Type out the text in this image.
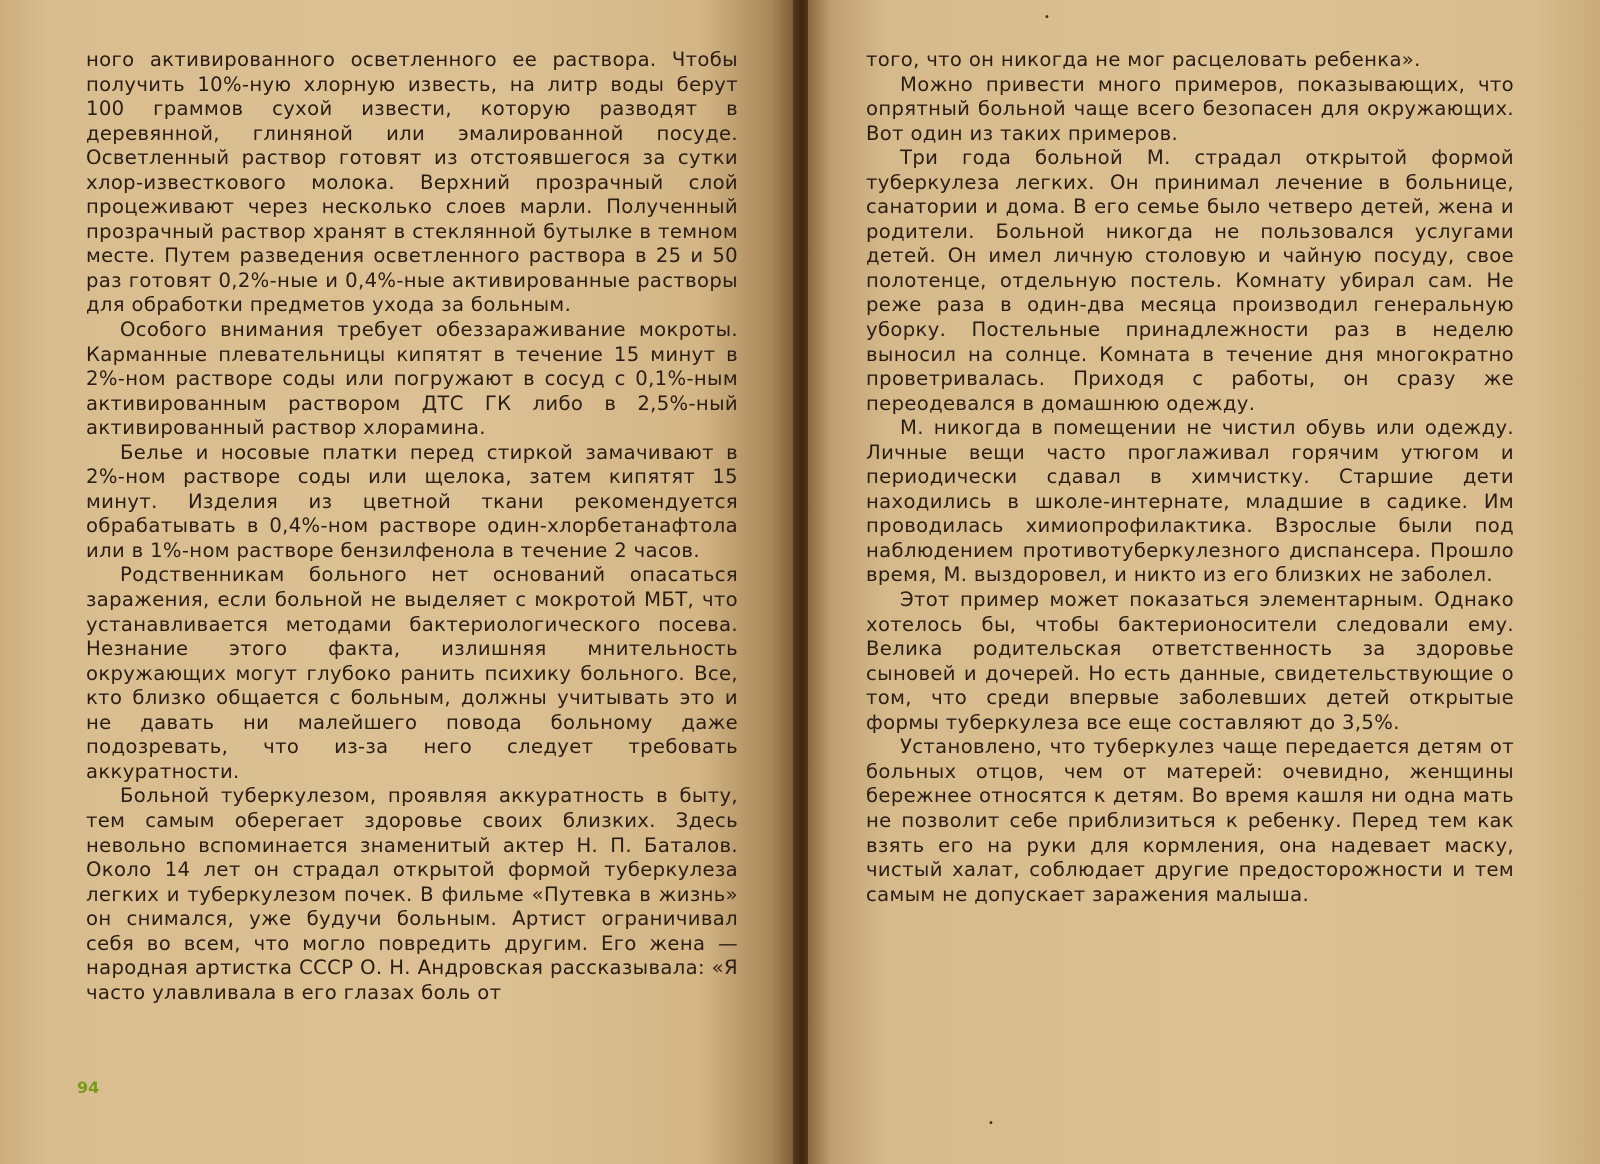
ного активированного осветленного ее раствора. Чтобы получить 10%-ную хлорную известь, на литр воды берут 100 граммов сухой извести, которую разводят в деревянной, глиняной или эмалированной посуде. Осветленный раствор готовят из отстоявшегося за сутки хлор-известкового молока. Верхний прозрачный слой процеживают через несколько слоев марли. Полученный прозрачный раствор хранят в стеклянной бутылке в темном месте. Путем разведения осветленного раствора в 25 и 50 раз готовят 0,2%-ные и 0,4%-ные активированные растворы для обработки предметов ухода за больным.

Особого внимания требует обеззараживание мокроты. Карманные плевательницы кипятят в течение 15 минут в 2%-ном растворе соды или погружают в сосуд с 0,1%-ным активированным раствором ДТС ГК либо в 2,5%-ный активированный раствор хлорамина.

Белье и носовые платки перед стиркой замачивают в 2%-ном растворе соды или щелока, затем кипятят 15 минут. Изделия из цветной ткани рекомендуется обрабатывать в 0,4%-ном растворе один-хлорбетанафтола или в 1%-ном растворе бензилфенола в течение 2 часов.

Родственникам больного нет оснований опасаться заражения, если больной не выделяет с мокротой МБТ, что устанавливается методами бактериологического посева. Незнание этого факта, излишняя мнительность окружающих могут глубоко ранить психику больного. Все, кто близко общается с больным, должны учитывать это и не давать ни малейшего повода больному даже подозревать, что из-за него следует требовать аккуратности.

Больной туберкулезом, проявляя аккуратность в быту, тем самым оберегает здоровье своих близких. Здесь невольно вспоминается знаменитый актер Н. П. Баталов. Около 14 лет он страдал открытой формой туберкулеза легких и туберкулезом почек. В фильме «Путевка в жизнь» он снимался, уже будучи больным. Артист ограничивал себя во всем, что могло повредить другим. Его жена — народная артистка СССР О. Н. Андровская рассказывала: «Я часто улавливала в его глазах боль от

94

того, что он никогда не мог расцеловать ребенка».

Можно привести много примеров, показывающих, что опрятный больной чаще всего безопасен для окружающих. Вот один из таких примеров.

Три года больной М. страдал открытой формой туберкулеза легких. Он принимал лечение в больнице, санатории и дома. В его семье было четверо детей, жена и родители. Больной никогда не пользовался услугами детей. Он имел личную столовую и чайную посуду, свое полотенце, отдельную постель. Комнату убирал сам. Не реже раза в один-два месяца производил генеральную уборку. Постельные принадлежности раз в неделю выносил на солнце. Комната в течение дня многократно проветривалась. Приходя с работы, он сразу же переодевался в домашнюю одежду.

М. никогда в помещении не чистил обувь или одежду. Личные вещи часто проглаживал горячим утюгом и периодически сдавал в химчистку. Старшие дети находились в школе-интернате, младшие в садике. Им проводилась химиопрофилактика. Взрослые были под наблюдением противотуберкулезного диспансера. Прошло время, М. выздоровел, и никто из его близких не заболел.

Этот пример может показаться элементарным. Однако хотелось бы, чтобы бактерионосители следовали ему. Велика родительская ответственность за здоровье сыновей и дочерей. Но есть данные, свидетельствующие о том, что среди впервые заболевших детей открытые формы туберкулеза все еще составляют до 3,5%.

Установлено, что туберкулез чаще передается детям от больных отцов, чем от матерей: очевидно, женщины бережнее относятся к детям. Во время кашля ни одна мать не позволит себе приблизиться к ребенку. Перед тем как взять его на руки для кормления, она надевает маску, чистый халат, соблюдает другие предосторожности и тем самым не допускает заражения малыша.

•
•
